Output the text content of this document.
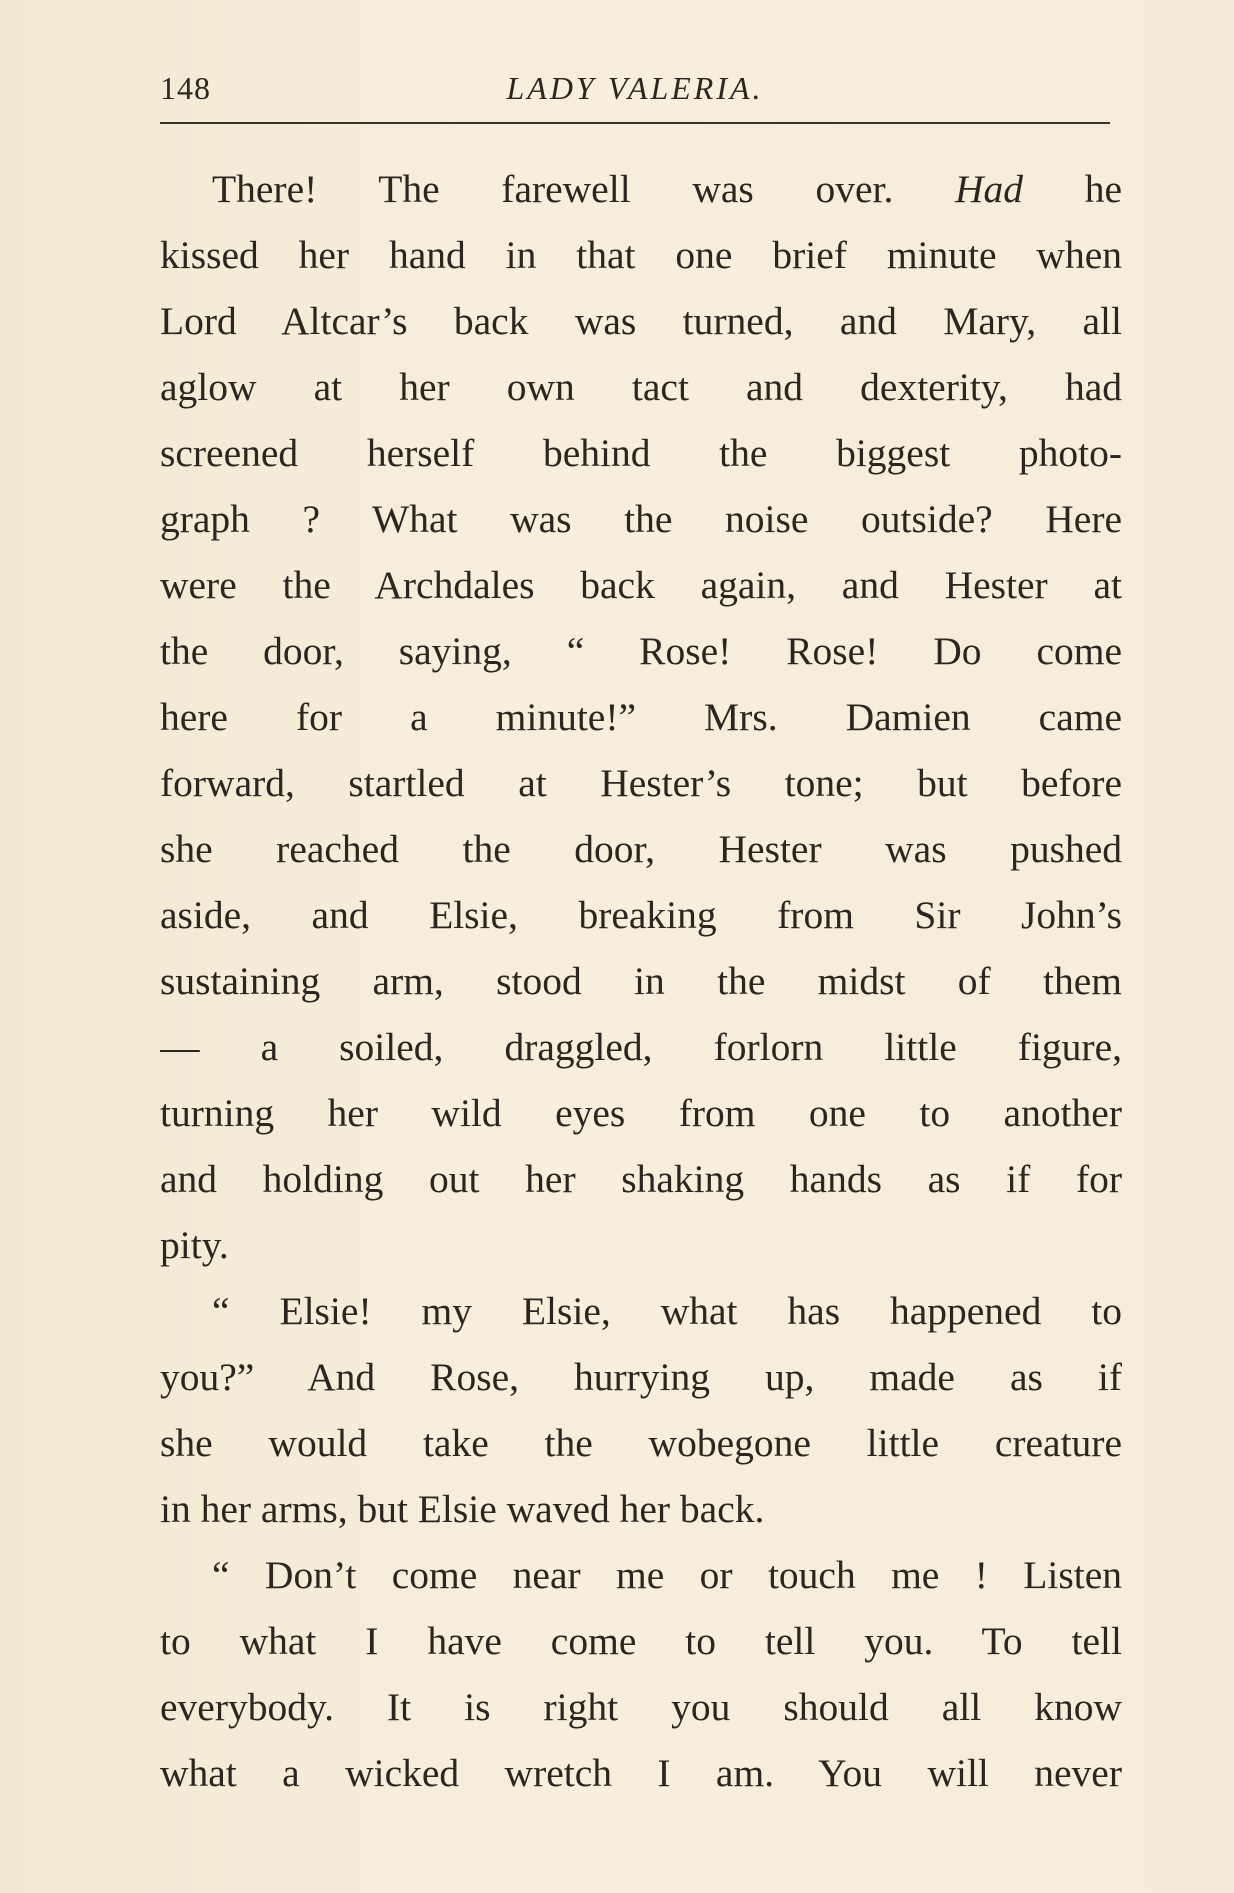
148	LADY VALERIA.
There! The farewell was over. Had he
kissed her hand in that one brief minute when
Lord Altcar’s back was turned, and Mary, all
aglow at her own tact and dexterity, had
screened herself behind the biggest photo-
graph ? What was the noise outside? Here
were the Archdales back again, and Hester at
the door, saying, “ Rose! Rose! Do come
here for a minute!” Mrs. Damien came
forward, startled at Hester’s tone; but before
she reached the door, Hester was pushed
aside, and Elsie, breaking from Sir John’s
sustaining arm, stood in the midst of them
— a soiled, draggled, forlorn little figure,
turning her wild eyes from one to another
and holding out her shaking hands as if for
pity.
“ Elsie! my Elsie, what has happened to
you?” And Rose, hurrying up, made as if
she would take the wobegone little creature
in her arms, but Elsie waved her back.
“ Don’t come near me or touch me ! Listen
to what I have come to tell you. To tell
everybody. It is right you should all know
what a wicked wretch I am. You will never
